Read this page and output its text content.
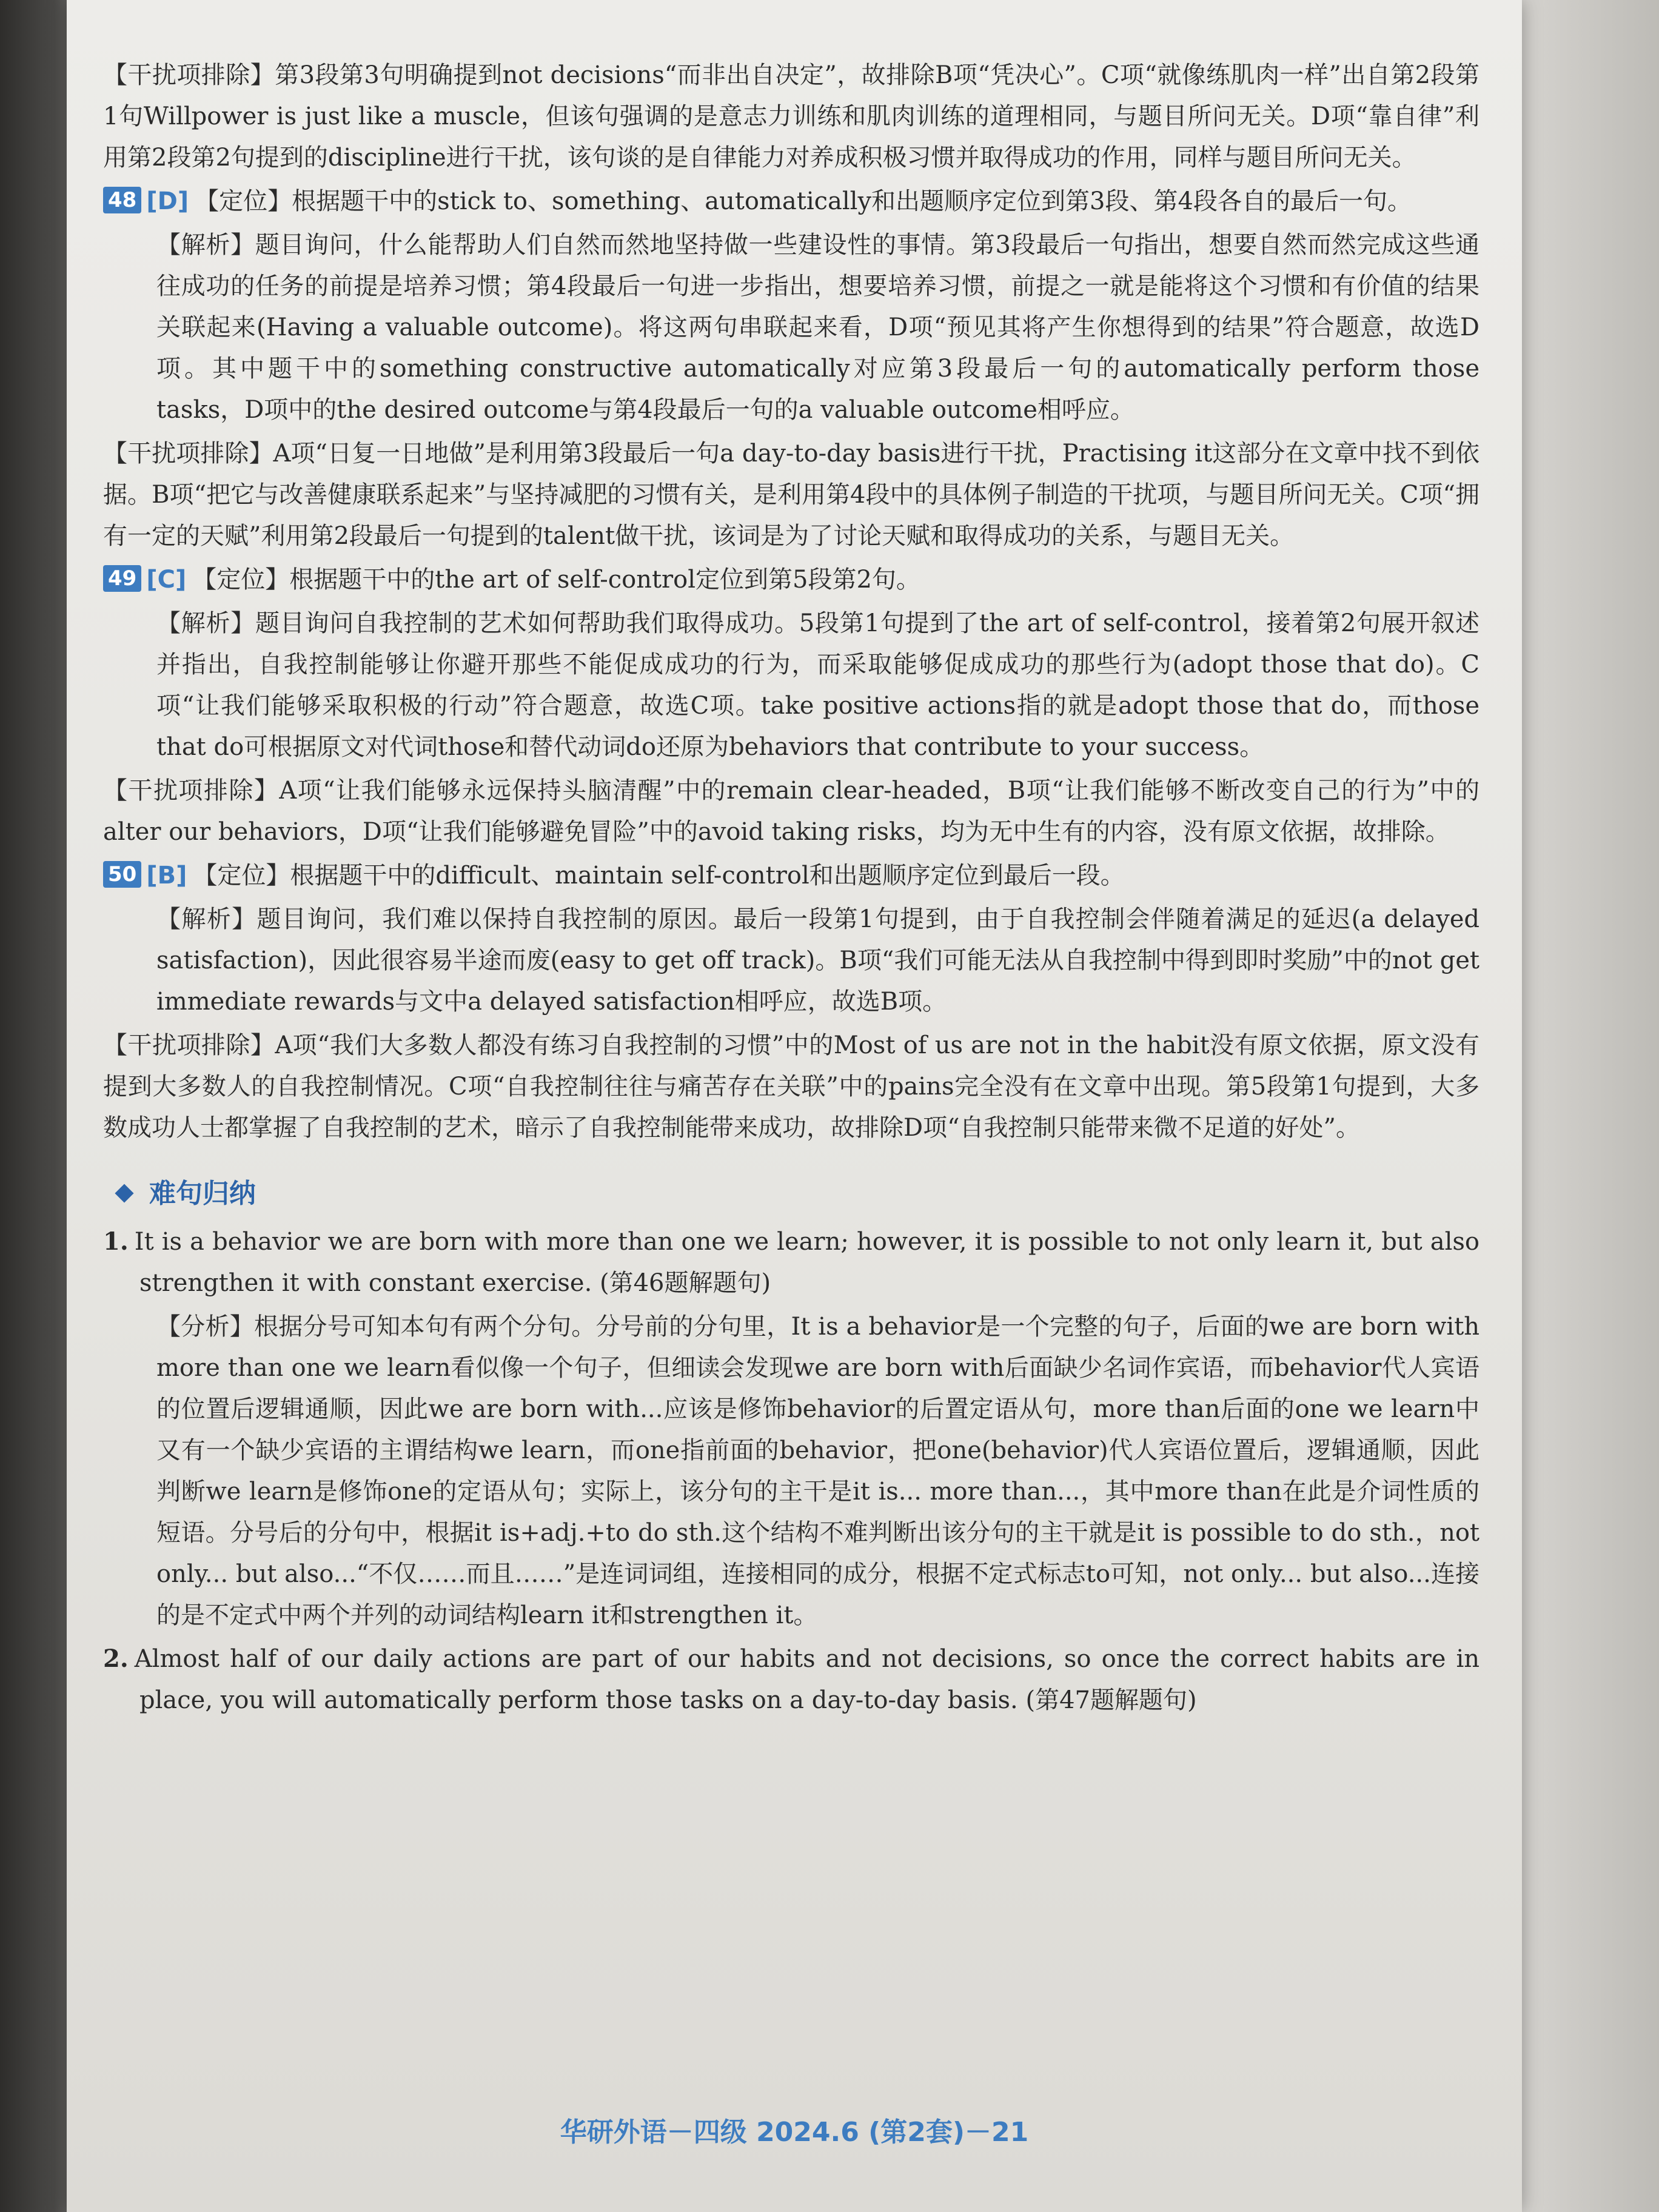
【干扰项排除】第3段第3句明确提到not decisions“而非出自决定”，故排除B项“凭决心”。C项“就像练肌肉一样”出自第2段第1句Willpower is just like a muscle，但该句强调的是意志力训练和肌肉训练的道理相同，与题目所问无关。D项“靠自律”利用第2段第2句提到的discipline进行干扰，该句谈的是自律能力对养成积极习惯并取得成功的作用，同样与题目所问无关。

48 [D] 【定位】根据题干中的stick to、something、automatically和出题顺序定位到第3段、第4段各自的最后一句。

【解析】题目询问，什么能帮助人们自然而然地坚持做一些建设性的事情。第3段最后一句指出，想要自然而然完成这些通往成功的任务的前提是培养习惯；第4段最后一句进一步指出，想要培养习惯，前提之一就是能将这个习惯和有价值的结果关联起来(Having a valuable outcome)。将这两句串联起来看，D项“预见其将产生你想得到的结果”符合题意，故选D项。其中题干中的something constructive automatically对应第3段最后一句的automatically perform those tasks，D项中的the desired outcome与第4段最后一句的a valuable outcome相呼应。

【干扰项排除】A项“日复一日地做”是利用第3段最后一句a day-to-day basis进行干扰，Practising it这部分在文章中找不到依据。B项“把它与改善健康联系起来”与坚持减肥的习惯有关，是利用第4段中的具体例子制造的干扰项，与题目所问无关。C项“拥有一定的天赋”利用第2段最后一句提到的talent做干扰，该词是为了讨论天赋和取得成功的关系，与题目无关。

49 [C] 【定位】根据题干中的the art of self-control定位到第5段第2句。

【解析】题目询问自我控制的艺术如何帮助我们取得成功。5段第1句提到了the art of self-control，接着第2句展开叙述并指出，自我控制能够让你避开那些不能促成成功的行为，而采取能够促成成功的那些行为(adopt those that do)。C项“让我们能够采取积极的行动”符合题意，故选C项。take positive actions指的就是adopt those that do，而those that do可根据原文对代词those和替代动词do还原为behaviors that contribute to your success。

【干扰项排除】A项“让我们能够永远保持头脑清醒”中的remain clear-headed，B项“让我们能够不断改变自己的行为”中的alter our behaviors，D项“让我们能够避免冒险”中的avoid taking risks，均为无中生有的内容，没有原文依据，故排除。

50 [B] 【定位】根据题干中的difficult、maintain self-control和出题顺序定位到最后一段。

【解析】题目询问，我们难以保持自我控制的原因。最后一段第1句提到，由于自我控制会伴随着满足的延迟(a delayed satisfaction)，因此很容易半途而废(easy to get off track)。B项“我们可能无法从自我控制中得到即时奖励”中的not get immediate rewards与文中a delayed satisfaction相呼应，故选B项。

【干扰项排除】A项“我们大多数人都没有练习自我控制的习惯”中的Most of us are not in the habit没有原文依据，原文没有提到大多数人的自我控制情况。C项“自我控制往往与痛苦存在关联”中的pains完全没有在文章中出现。第5段第1句提到，大多数成功人士都掌握了自我控制的艺术，暗示了自我控制能带来成功，故排除D项“自我控制只能带来微不足道的好处”。

难句归纳

1. It is a behavior we are born with more than one we learn; however, it is possible to not only learn it, but also strengthen it with constant exercise. (第46题解题句)

【分析】根据分号可知本句有两个分句。分号前的分句里，It is a behavior是一个完整的句子，后面的we are born with more than one we learn看似像一个句子，但细读会发现we are born with后面缺少名词作宾语，而behavior代人宾语的位置后逻辑通顺，因此we are born with...应该是修饰behavior的后置定语从句，more than后面的one we learn中又有一个缺少宾语的主谓结构we learn，而one指前面的behavior，把one(behavior)代人宾语位置后，逻辑通顺，因此判断we learn是修饰one的定语从句；实际上，该分句的主干是it is... more than...，其中more than在此是介词性质的短语。分号后的分句中，根据it is+adj.+to do sth.这个结构不难判断出该分句的主干就是it is possible to do sth.，not only... but also...“不仅……而且……”是连词词组，连接相同的成分，根据不定式标志to可知，not only... but also...连接的是不定式中两个并列的动词结构learn it和strengthen it。

2. Almost half of our daily actions are part of our habits and not decisions, so once the correct habits are in place, you will automatically perform those tasks on a day-to-day basis. (第47题解题句)

华研外语－四级 2024.6 (第2套)－21
